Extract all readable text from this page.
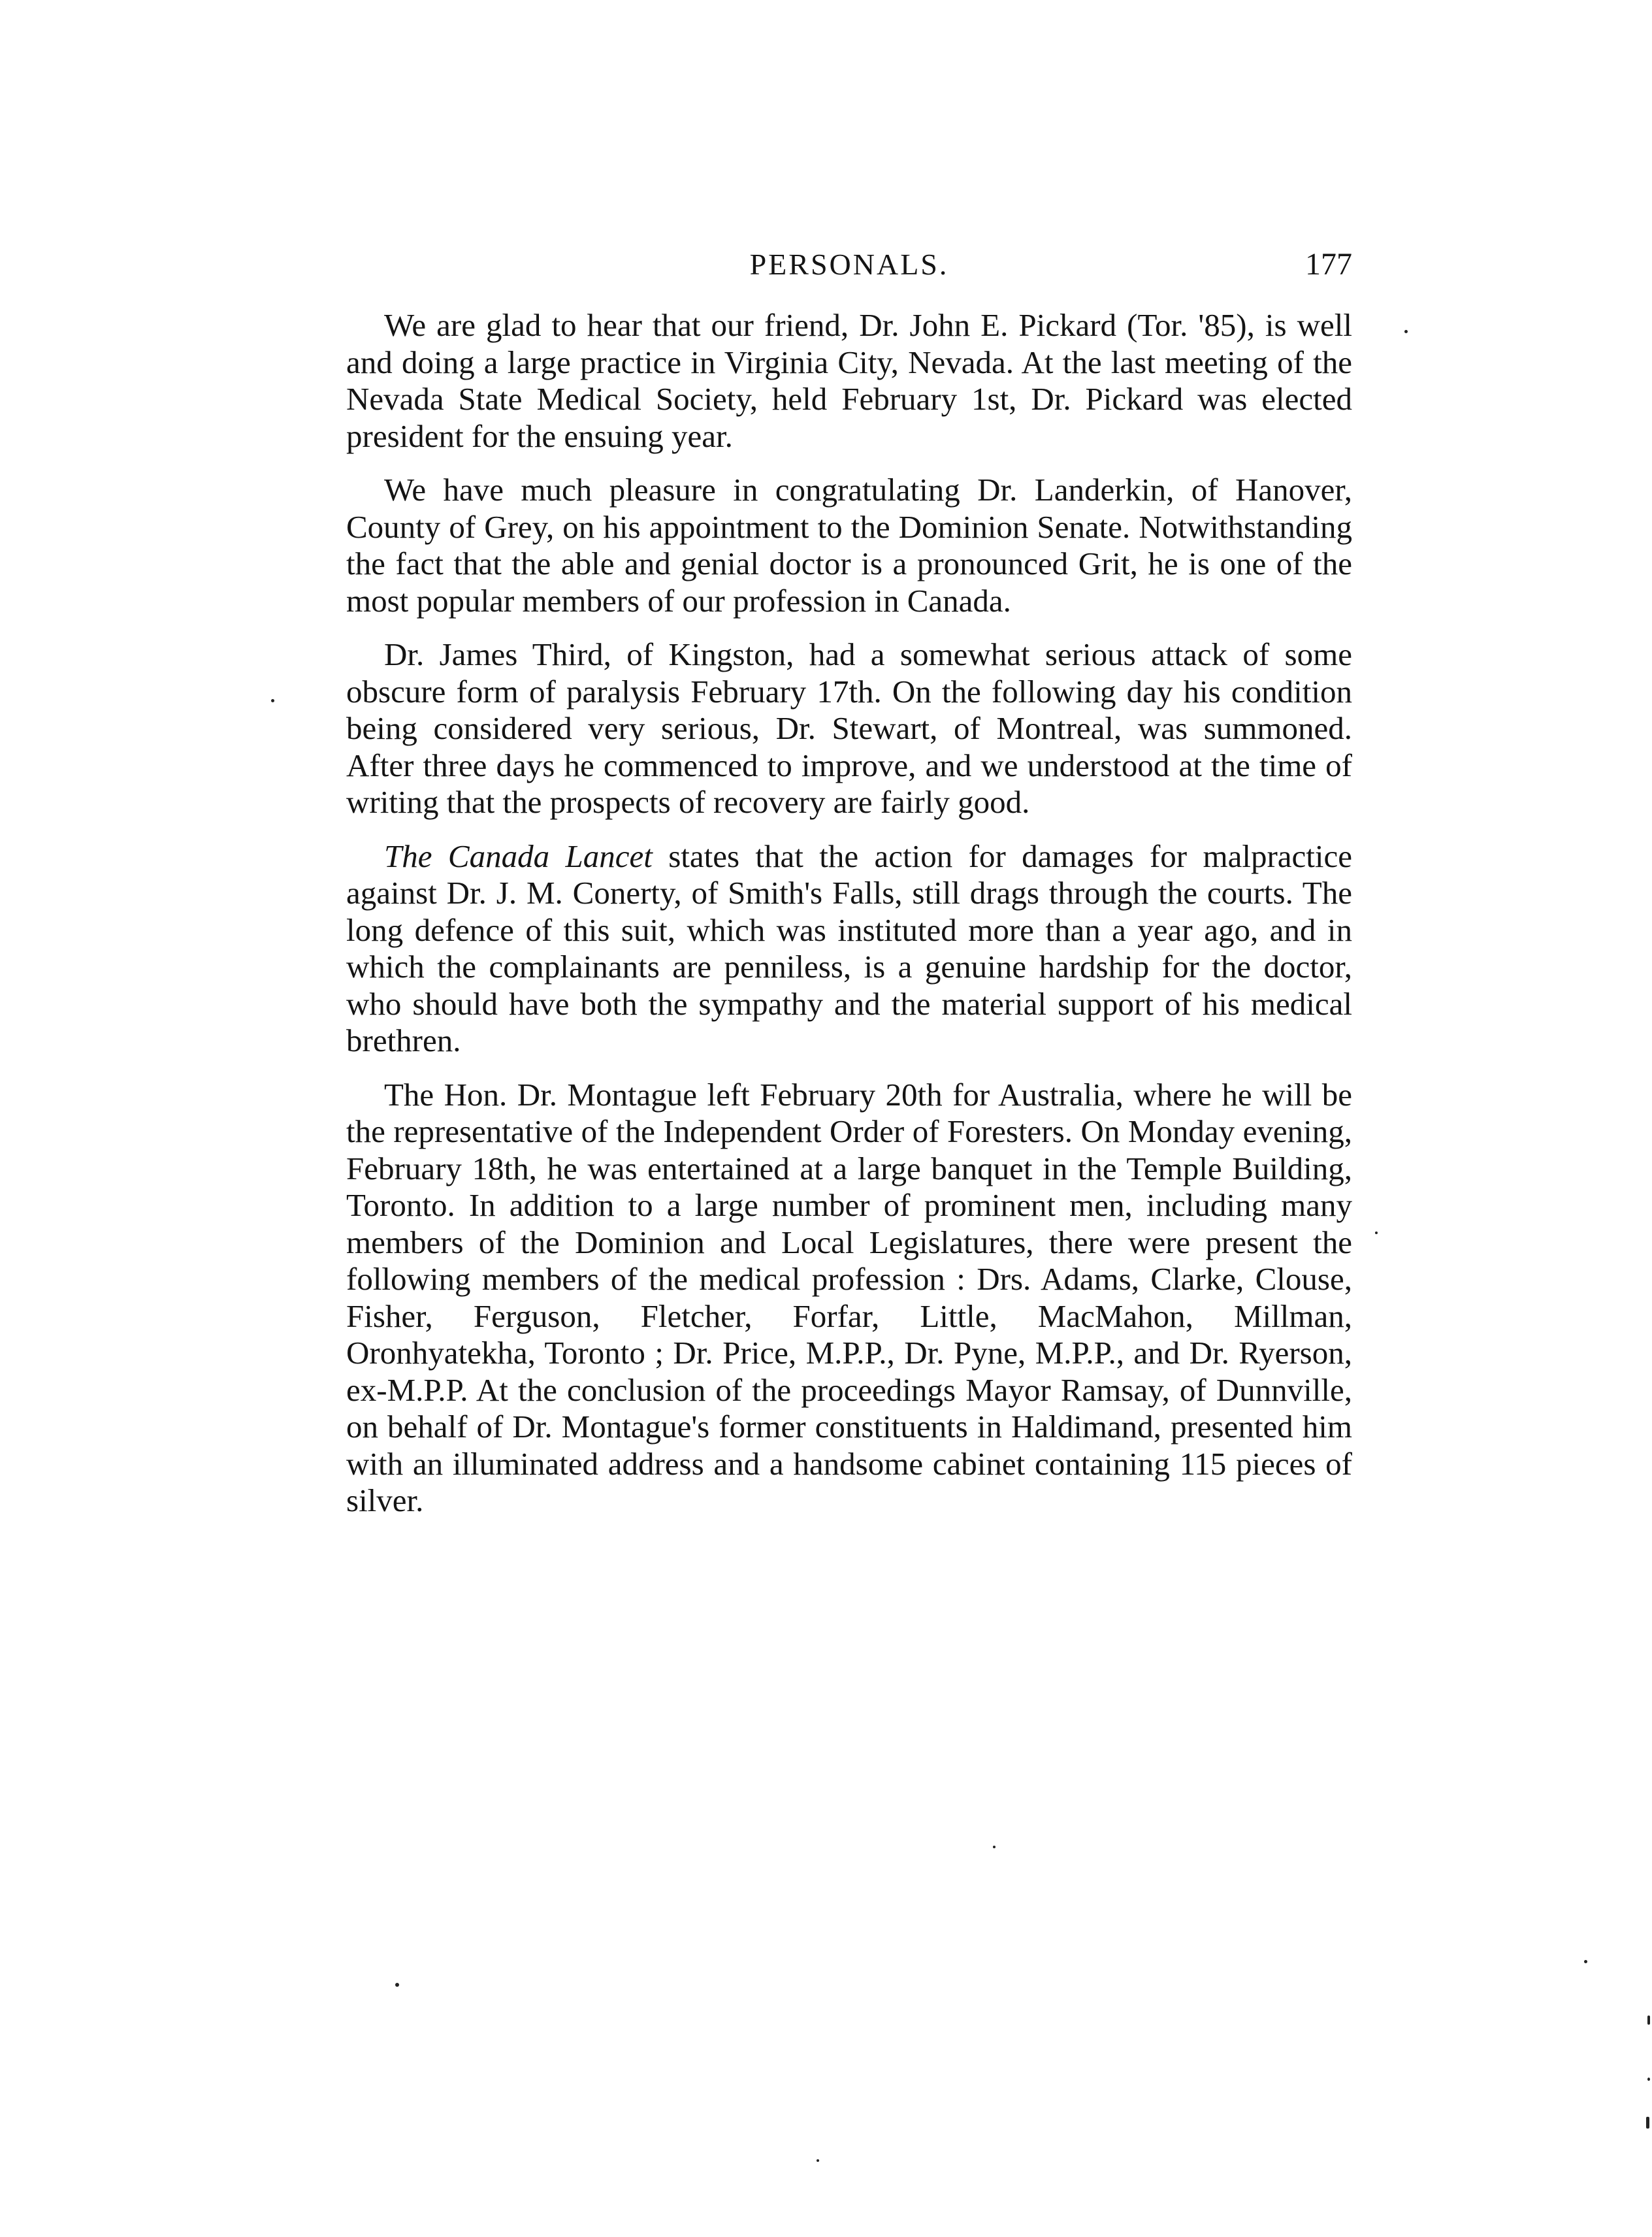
PERSONALS.	177

We are glad to hear that our friend, Dr. John E. Pickard (Tor. '85), is well and doing a large practice in Virginia City, Nevada. At the last meeting of the Nevada State Medical Society, held February 1st, Dr. Pickard was elected president for the ensuing year.

We have much pleasure in congratulating Dr. Landerkin, of Hanover, County of Grey, on his appointment to the Dominion Senate. Notwithstanding the fact that the able and genial doctor is a pronounced Grit, he is one of the most popular members of our profession in Canada.

Dr. James Third, of Kingston, had a somewhat serious attack of some obscure form of paralysis February 17th. On the following day his condition being considered very serious, Dr. Stewart, of Montreal, was summoned. After three days he commenced to improve, and we understood at the time of writing that the prospects of recovery are fairly good.

The Canada Lancet states that the action for damages for malpractice against Dr. J. M. Conerty, of Smith's Falls, still drags through the courts. The long defence of this suit, which was instituted more than a year ago, and in which the complainants are penniless, is a genuine hardship for the doctor, who should have both the sympathy and the material support of his medical brethren.

The Hon. Dr. Montague left February 20th for Australia, where he will be the representative of the Independent Order of Foresters. On Monday evening, February 18th, he was entertained at a large banquet in the Temple Building, Toronto. In addition to a large number of prominent men, including many members of the Dominion and Local Legislatures, there were present the following members of the medical profession : Drs. Adams, Clarke, Clouse, Fisher, Ferguson, Fletcher, Forfar, Little, MacMahon, Millman, Oronhyatekha, Toronto ; Dr. Price, M.P.P., Dr. Pyne, M.P.P., and Dr. Ryerson, ex-M.P.P. At the conclusion of the proceedings Mayor Ramsay, of Dunnville, on behalf of Dr. Montague's former constituents in Haldimand, presented him with an illuminated address and a handsome cabinet containing 115 pieces of silver.
